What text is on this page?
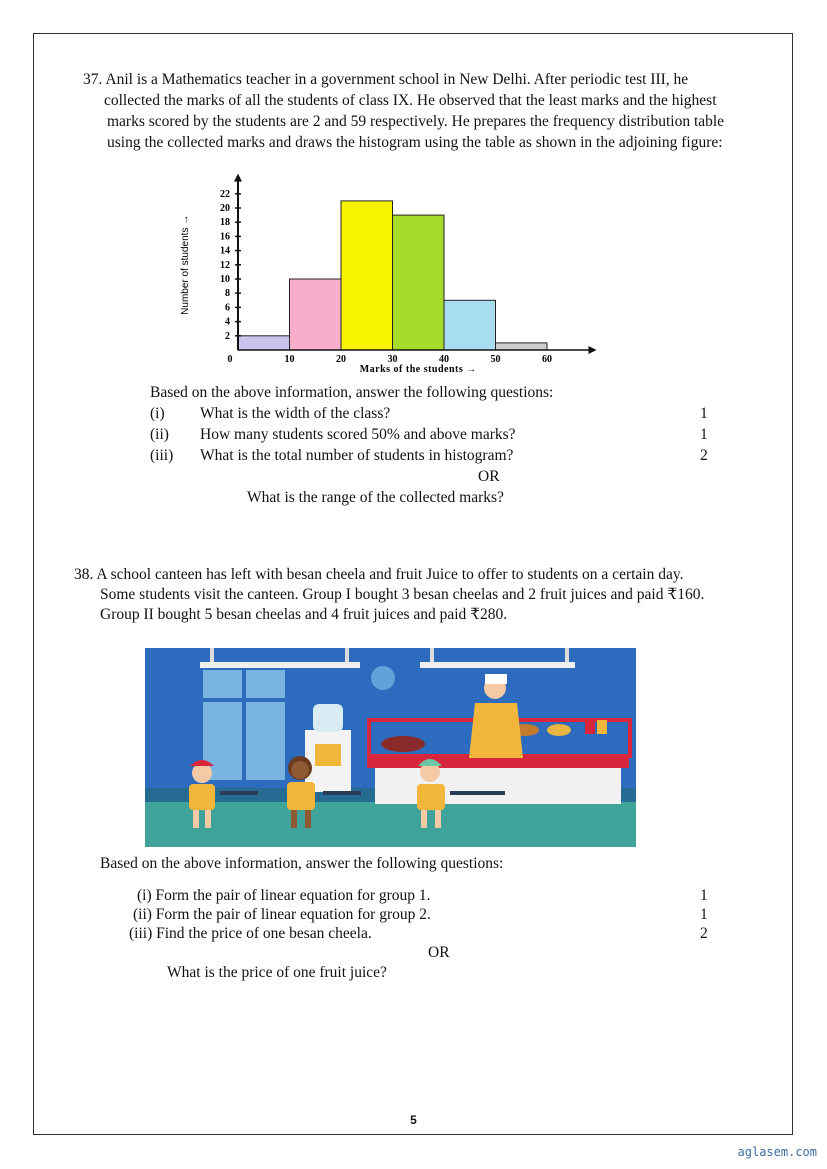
37. Anil is a Mathematics teacher in a government school in New Delhi. After periodic test III, he
collected the marks of all the students of class IX. He observed that the least marks and the highest
marks scored by the students are 2 and 59 respectively. He prepares the frequency distribution table
using the collected marks and draws the histogram using the table as shown in the adjoining figure:
2
4
6
8
10
12
14
16
18
20
22
0	10	20	30	40	50	60
Marks of the students →
Number of students →
Based on the above information, answer the following questions:
(i) What is the width of the class?	1
(ii) How many students scored 50% and above marks?	1
(iii) What is the total number of students in histogram?	2
OR
What is the range of the collected marks?
38. A school canteen has left with besan cheela and fruit Juice to offer to students on a certain day.
Some students visit the canteen. Group I bought 3 besan cheelas and 2 fruit juices and paid ₹160.
Group II bought 5 besan cheelas and 4 fruit juices and paid ₹280.
Based on the above information, answer the following questions:
(i) Form the pair of linear equation for group 1.	1
(ii) Form the pair of linear equation for group 2.	1
(iii) Find the price of one besan cheela.	2
OR
What is the price of one fruit juice?
5
aglasem.com
